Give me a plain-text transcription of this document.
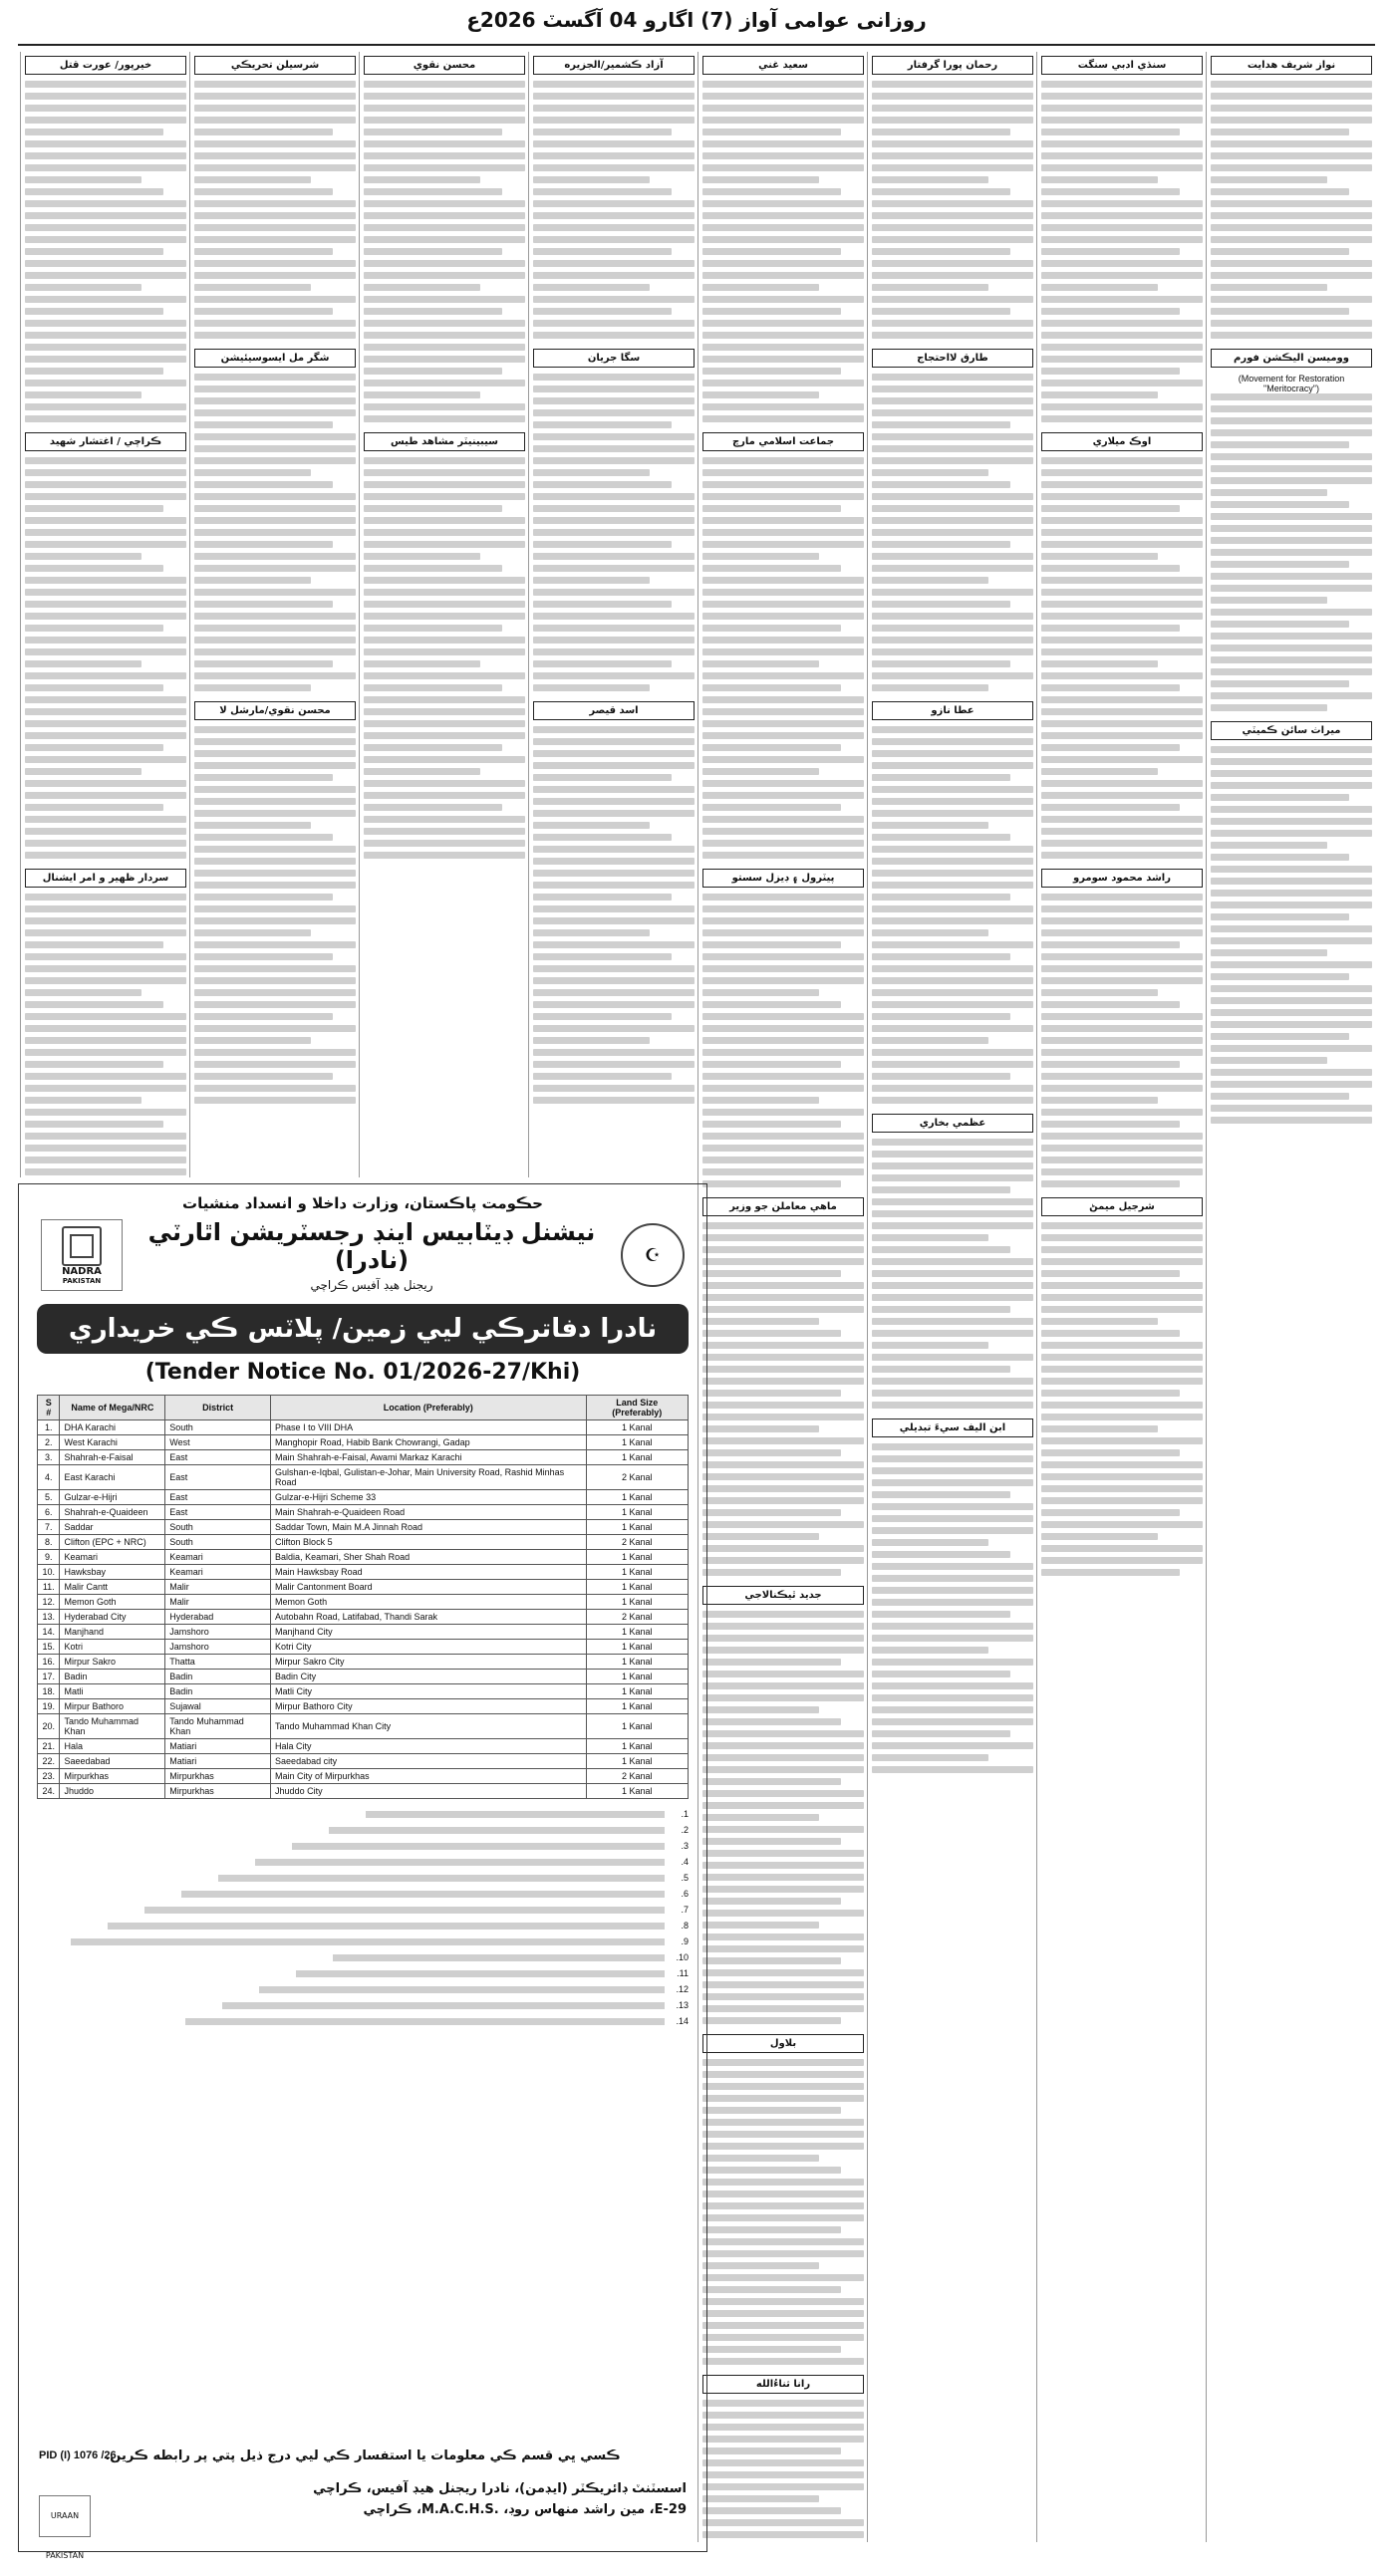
روزانی عوامی آواز (7) اگارو 04 آگسٽ 2026ع
نواز شريف هدايت
ووميسن اليڪشن فورم
(Movement for Restoration "Meritocracy")
ميراث سائن ڪميٽي
سنڌي ادبي سنگت
اوڪ ميلاري
راشد محمود سومرو
شرجيل ميمڻ
رحمان پورا گرفتار
طارق لااحتجاج
عطا نازو
عظمي بخاري
ابن اليف سيءَ تبديلي
سعيد غني
جماعت اسلامي مارچ
پيٽرول ۽ ڊيزل سستو
ماهي معاملن جو وزير
جديد ٿيڪنالاجي
بلاول
رانا ثناءُالله
آزاد ڪشمير/الجزيره
سگا جريان
اسد قيصر
محسن نقوي
سيبينيٽر مشاهد طيس
شرسيلن تحريڪي
شگر مل ايسوسيئيشن
محسن نقوي/مارشل لا
خيرپور/ عورت قتل
ڪراچي / اغتشار شهيد
سردار ظهير و امر ايشنال
حڪومت پاڪستان، وزارت داخلا و انسداد منشيات
NADRA
PAKISTAN
نيشنل ڊيٽابيس اينڊ رجسٽريشن اٿارٽي (نادرا)
ريجنل هيڊ آفيس ڪراچي
☪
نادرا دفاترڪي ليي زمين/ پلاٽس ڪي خريداري
(Tender Notice No. 01/2026-27/Khi)
S #	Name of Mega/NRC	District	Location (Preferably)	Land Size (Preferably)
1.	DHA Karachi	South	Phase I to VIII DHA	1 Kanal
2.	West Karachi	West	Manghopir Road, Habib Bank Chowrangi, Gadap	1 Kanal
3.	Shahrah-e-Faisal	East	Main Shahrah-e-Faisal, Awami Markaz Karachi	1 Kanal
4.	East Karachi	East	Gulshan-e-Iqbal, Gulistan-e-Johar, Main University Road, Rashid Minhas Road	2 Kanal
5.	Gulzar-e-Hijri	East	Gulzar-e-Hijri Scheme 33	1 Kanal
6.	Shahrah-e-Quaideen	East	Main Shahrah-e-Quaideen Road	1 Kanal
7.	Saddar	South	Saddar Town, Main M.A Jinnah Road	1 Kanal
8.	Clifton (EPC + NRC)	South	Clifton Block 5	2 Kanal
9.	Keamari	Keamari	Baldia, Keamari, Sher Shah Road	1 Kanal
10.	Hawksbay	Keamari	Main Hawksbay Road	1 Kanal
11.	Malir Cantt	Malir	Malir Cantonment Board	1 Kanal
12.	Memon Goth	Malir	Memon Goth	1 Kanal
13.	Hyderabad City	Hyderabad	Autobahn Road, Latifabad, Thandi Sarak	2 Kanal
14.	Manjhand	Jamshoro	Manjhand City	1 Kanal
15.	Kotri	Jamshoro	Kotri City	1 Kanal
16.	Mirpur Sakro	Thatta	Mirpur Sakro City	1 Kanal
17.	Badin	Badin	Badin City	1 Kanal
18.	Matli	Badin	Matli City	1 Kanal
19.	Mirpur Bathoro	Sujawal	Mirpur Bathoro City	1 Kanal
20.	Tando Muhammad Khan	Tando Muhammad Khan	Tando Muhammad Khan City	1 Kanal
21.	Hala	Matiari	Hala City	1 Kanal
22.	Saeedabad	Matiari	Saeedabad city	1 Kanal
23.	Mirpurkhas	Mirpurkhas	Main City of Mirpurkhas	2 Kanal
24.	Jhuddo	Mirpurkhas	Jhuddo City	1 Kanal
1.
2.
3.
4.
5.
6.
7.
8.
9.
10.
11.
12.
13.
14.
ڪسي ڀي قسم ڪي معلومات يا استفسار ڪي ليي درج ذيل پتي پر رابطه ڪرين.
PID (I) 1076 /26
اسسٽنٽ ڊائريڪٽر (ايڊمن)، نادرا ريجنل هيڊ آفيس، ڪراچي
E-29، مين راشد منهاس روڊ، .M.A.C.H.S، ڪراچي
URAAN PAKISTAN
